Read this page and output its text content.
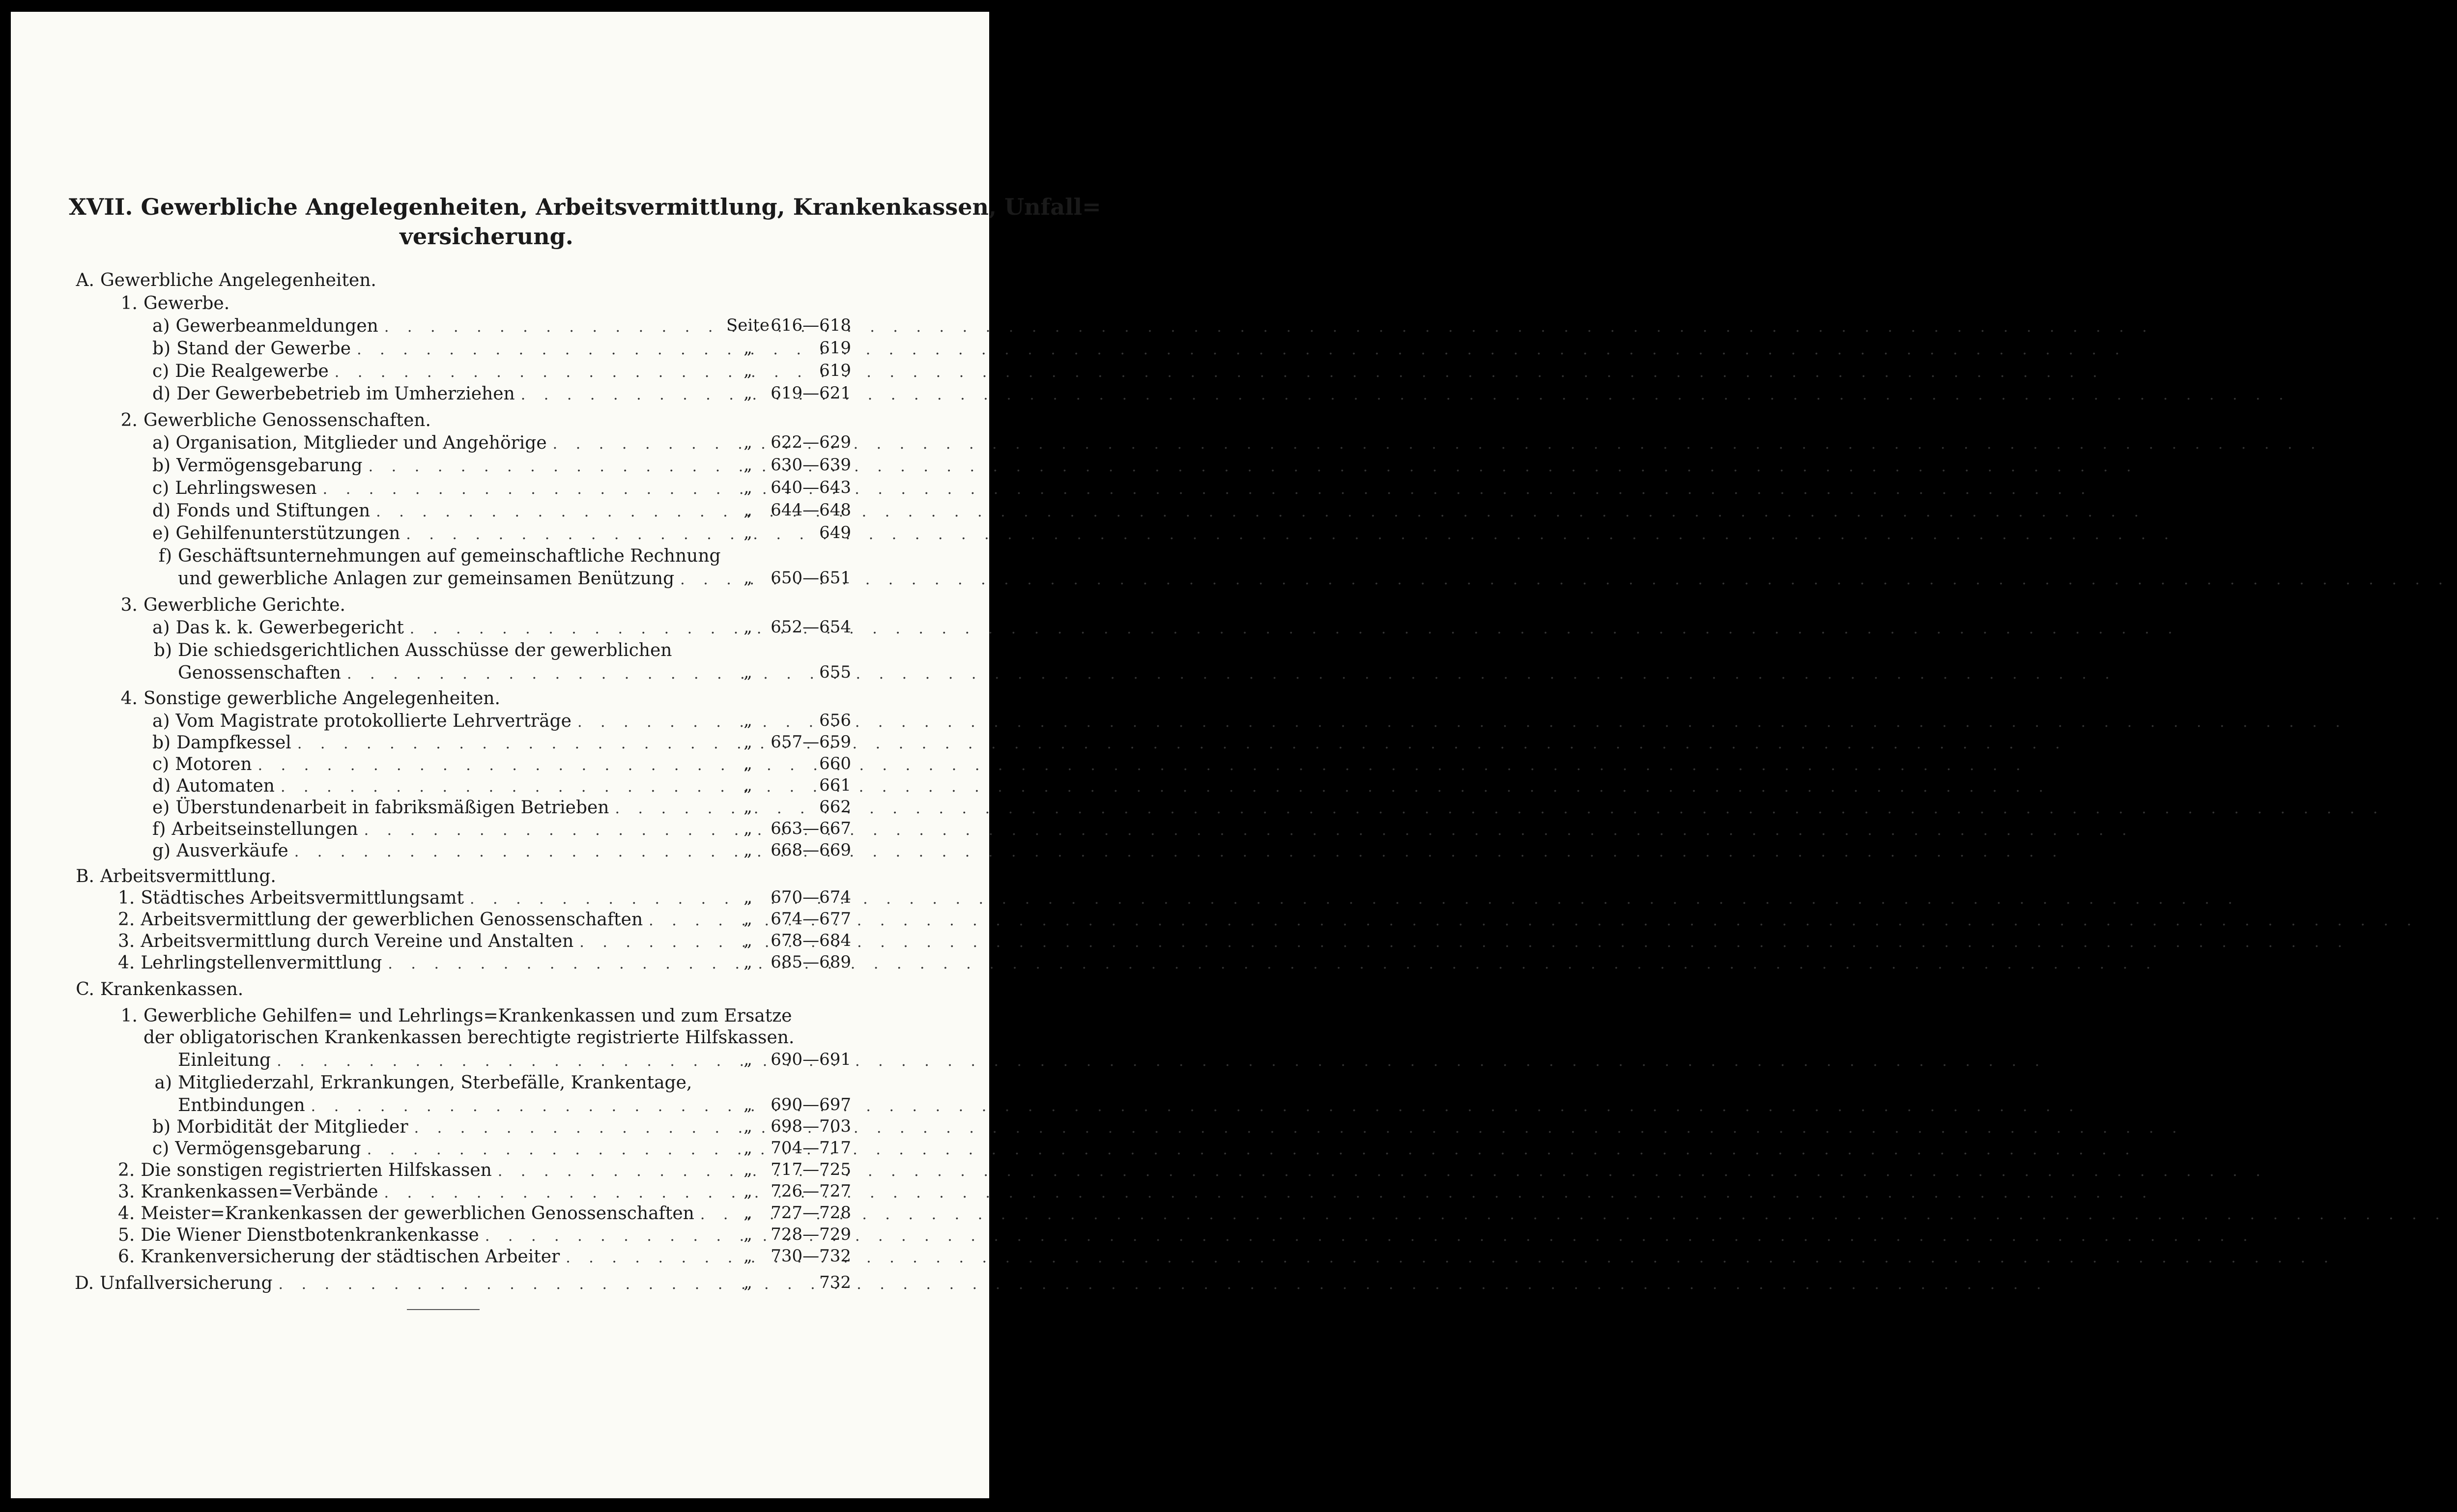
XVII. Gewerbliche Angelegenheiten, Arbeitsvermittlung, Krankenkassen, Unfall=
versicherung.
A. Gewerbliche Angelegenheiten.
1. Gewerbe.
a) Gewerbeanmeldungen . . .	Seite 616—618
b) Stand der Gewerbe . . .	„	619
c) Die Realgewerbe . . .	„	619
d) Der Gewerbebetrieb im Umherziehen . . .	„	619—621
2. Gewerbliche Genossenschaften.
a) Organisation, Mitglieder und Angehörige . . .	„	622—629
b) Vermögensgebarung . . .	„	630—639
c) Lehrlingswesen . . .	„	640—643
d) Fonds und Stiftungen . . .	„	644—648
e) Gehilfenunterstützungen . . .	„	649
f) Geschäftsunternehmungen auf gemeinschaftliche Rechnung
und gewerbliche Anlagen zur gemeinsamen Benützung . . .	„	650—651
3. Gewerbliche Gerichte.
a) Das k. k. Gewerbegericht . . .	„	652—654
b) Die schiedsgerichtlichen Ausschüsse der gewerblichen
Genossenschaften . . .	„	655
4. Sonstige gewerbliche Angelegenheiten.
a) Vom Magistrate protokollierte Lehrverträge . . .	„	656
b) Dampfkessel . . .	„	657—659
c) Motoren . . .	„	660
d) Automaten . . .	„	661
e) Überstundenarbeit in fabriksmäßigen Betrieben . . .	„	662
f) Arbeitseinstellungen . . .	„	663—667
g) Ausverkäufe . . .	„	668—669
B. Arbeitsvermittlung.
1. Städtisches Arbeitsvermittlungsamt . . .	„	670—674
2. Arbeitsvermittlung der gewerblichen Genossenschaften . . .	„	674—677
3. Arbeitsvermittlung durch Vereine und Anstalten . . .	„	678—684
4. Lehrlingstellenvermittlung . . .	„	685—689
C. Krankenkassen.
1. Gewerbliche Gehilfen= und Lehrlings=Krankenkassen und zum Ersatze
der obligatorischen Krankenkassen berechtigte registrierte Hilfskassen.
Einleitung . . .	„	690—691
a) Mitgliederzahl, Erkrankungen, Sterbefälle, Krankentage,
Entbindungen . . .	„	690—697
b) Morbidität der Mitglieder . . .	„	698—703
c) Vermögensgebarung . . .	„	704—717
2. Die sonstigen registrierten Hilfskassen . . .	„	717—725
3. Krankenkassen=Verbände . . .	„	726—727
4. Meister=Krankenkassen der gewerblichen Genossenschaften . . .	„	727—728
5. Die Wiener Dienstbotenkrankenkasse . . .	„	728—729
6. Krankenversicherung der städtischen Arbeiter . . .	„	730—732
D. Unfallversicherung . . .	„	732
